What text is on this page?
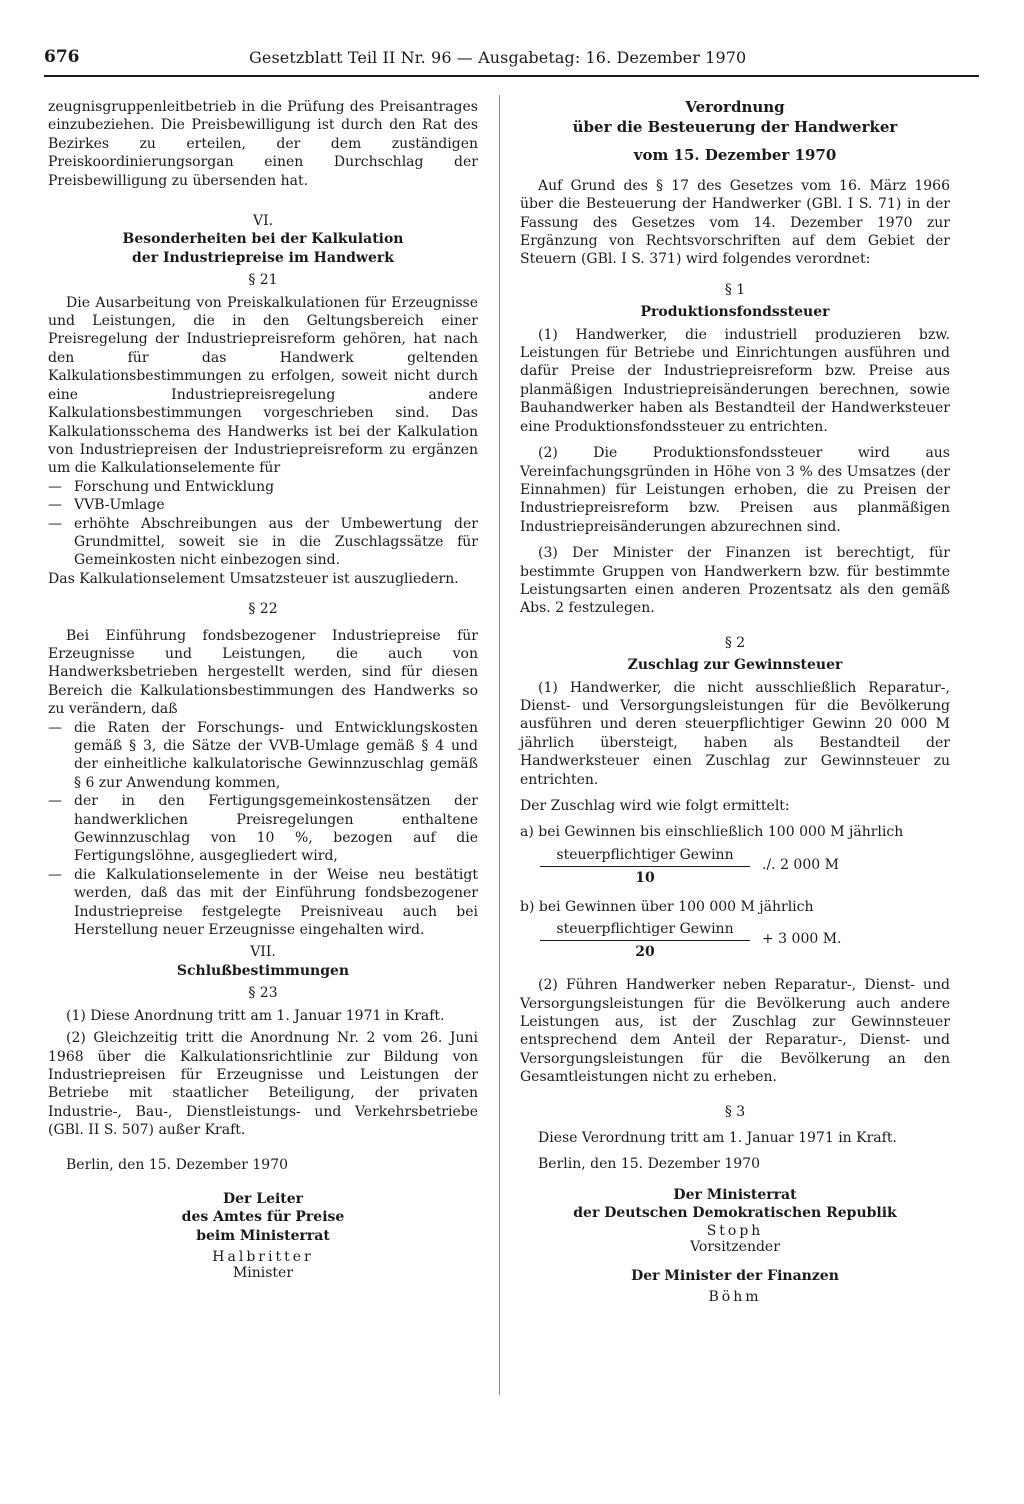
676	Gesetzblatt Teil II Nr. 96 — Ausgabetag: 16. Dezember 1970

zeugnisgruppenleitbetrieb in die Prüfung des Preisantrages einzubeziehen. Die Preisbewilligung ist durch den Rat des Bezirkes zu erteilen, der dem zuständigen Preiskoordinierungsorgan einen Durchschlag der Preisbewilligung zu übersenden hat.

VI.
Besonderheiten bei der Kalkulation
der Industriepreise im Handwerk
§ 21

Die Ausarbeitung von Preiskalkulationen für Erzeugnisse und Leistungen, die in den Geltungsbereich einer Preisregelung der Industriepreisreform gehören, hat nach den für das Handwerk geltenden Kalkulationsbestimmungen zu erfolgen, soweit nicht durch eine Industriepreisregelung andere Kalkulationsbestimmungen vorgeschrieben sind. Das Kalkulationsschema des Handwerks ist bei der Kalkulation von Industriepreisen der Industriepreisreform zu ergänzen um die Kalkulationselemente für

— Forschung und Entwicklung
— VVB-Umlage
— erhöhte Abschreibungen aus der Umbewertung der Grundmittel, soweit sie in die Zuschlagssätze für Gemeinkosten nicht einbezogen sind.

Das Kalkulationselement Umsatzsteuer ist auszugliedern.

§ 22

Bei Einführung fondsbezogener Industriepreise für Erzeugnisse und Leistungen, die auch von Handwerksbetrieben hergestellt werden, sind für diesen Bereich die Kalkulationsbestimmungen des Handwerks so zu verändern, daß

— die Raten der Forschungs- und Entwicklungskosten gemäß § 3, die Sätze der VVB-Umlage gemäß § 4 und der einheitliche kalkulatorische Gewinnzuschlag gemäß § 6 zur Anwendung kommen,
— der in den Fertigungsgemeinkostensätzen der handwerklichen Preisregelungen enthaltene Gewinnzuschlag von 10 %, bezogen auf die Fertigungslöhne, ausgegliedert wird,
— die Kalkulationselemente in der Weise neu bestätigt werden, daß das mit der Einführung fondsbezogener Industriepreise festgelegte Preisniveau auch bei Herstellung neuer Erzeugnisse eingehalten wird.
VII.
Schlußbestimmungen
§ 23

(1) Diese Anordnung tritt am 1. Januar 1971 in Kraft.

(2) Gleichzeitig tritt die Anordnung Nr. 2 vom 26. Juni 1968 über die Kalkulationsrichtlinie zur Bildung von Industriepreisen für Erzeugnisse und Leistungen der Betriebe mit staatlicher Beteiligung, der privaten Industrie-, Bau-, Dienstleistungs- und Verkehrsbetriebe (GBl. II S. 507) außer Kraft.

Berlin, den 15. Dezember 1970

Der Leiter
des Amtes für Preise
beim Ministerrat
Halbritter
Minister
Verordnung
über die Besteuerung der Handwerker
vom 15. Dezember 1970

Auf Grund des § 17 des Gesetzes vom 16. März 1966 über die Besteuerung der Handwerker (GBl. I S. 71) in der Fassung des Gesetzes vom 14. Dezember 1970 zur Ergänzung von Rechtsvorschriften auf dem Gebiet der Steuern (GBl. I S. 371) wird folgendes verordnet:

§ 1
Produktionsfondssteuer

(1) Handwerker, die industriell produzieren bzw. Leistungen für Betriebe und Einrichtungen ausführen und dafür Preise der Industriepreisreform bzw. Preise aus planmäßigen Industriepreisänderungen berechnen, sowie Bauhandwerker haben als Bestandteil der Handwerksteuer eine Produktionsfondssteuer zu entrichten.

(2) Die Produktionsfondssteuer wird aus Vereinfachungsgründen in Höhe von 3 % des Umsatzes (der Einnahmen) für Leistungen erhoben, die zu Preisen der Industriepreisreform bzw. Preisen aus planmäßigen Industriepreisänderungen abzurechnen sind.

(3) Der Minister der Finanzen ist berechtigt, für bestimmte Gruppen von Handwerkern bzw. für bestimmte Leistungsarten einen anderen Prozentsatz als den gemäß Abs. 2 festzulegen.

§ 2
Zuschlag zur Gewinnsteuer

(1) Handwerker, die nicht ausschließlich Reparatur-, Dienst- und Versorgungsleistungen für die Bevölkerung ausführen und deren steuerpflichtiger Gewinn 20 000 M jährlich übersteigt, haben als Bestandteil der Handwerksteuer einen Zuschlag zur Gewinnsteuer zu entrichten.

Der Zuschlag wird wie folgt ermittelt:

a) bei Gewinnen bis einschließlich 100 000 M jährlich

steuerpflichtiger Gewinn
10
./. 2 000 M

b) bei Gewinnen über 100 000 M jährlich

steuerpflichtiger Gewinn
20
+ 3 000 M.

(2) Führen Handwerker neben Reparatur-, Dienst- und Versorgungsleistungen für die Bevölkerung auch andere Leistungen aus, ist der Zuschlag zur Gewinnsteuer entsprechend dem Anteil der Reparatur-, Dienst- und Versorgungsleistungen für die Bevölkerung an den Gesamtleistungen nicht zu erheben.

§ 3

Diese Verordnung tritt am 1. Januar 1971 in Kraft.

Berlin, den 15. Dezember 1970

Der Ministerrat
der Deutschen Demokratischen Republik
Stoph
Vorsitzender
Der Minister der Finanzen
Böhm
